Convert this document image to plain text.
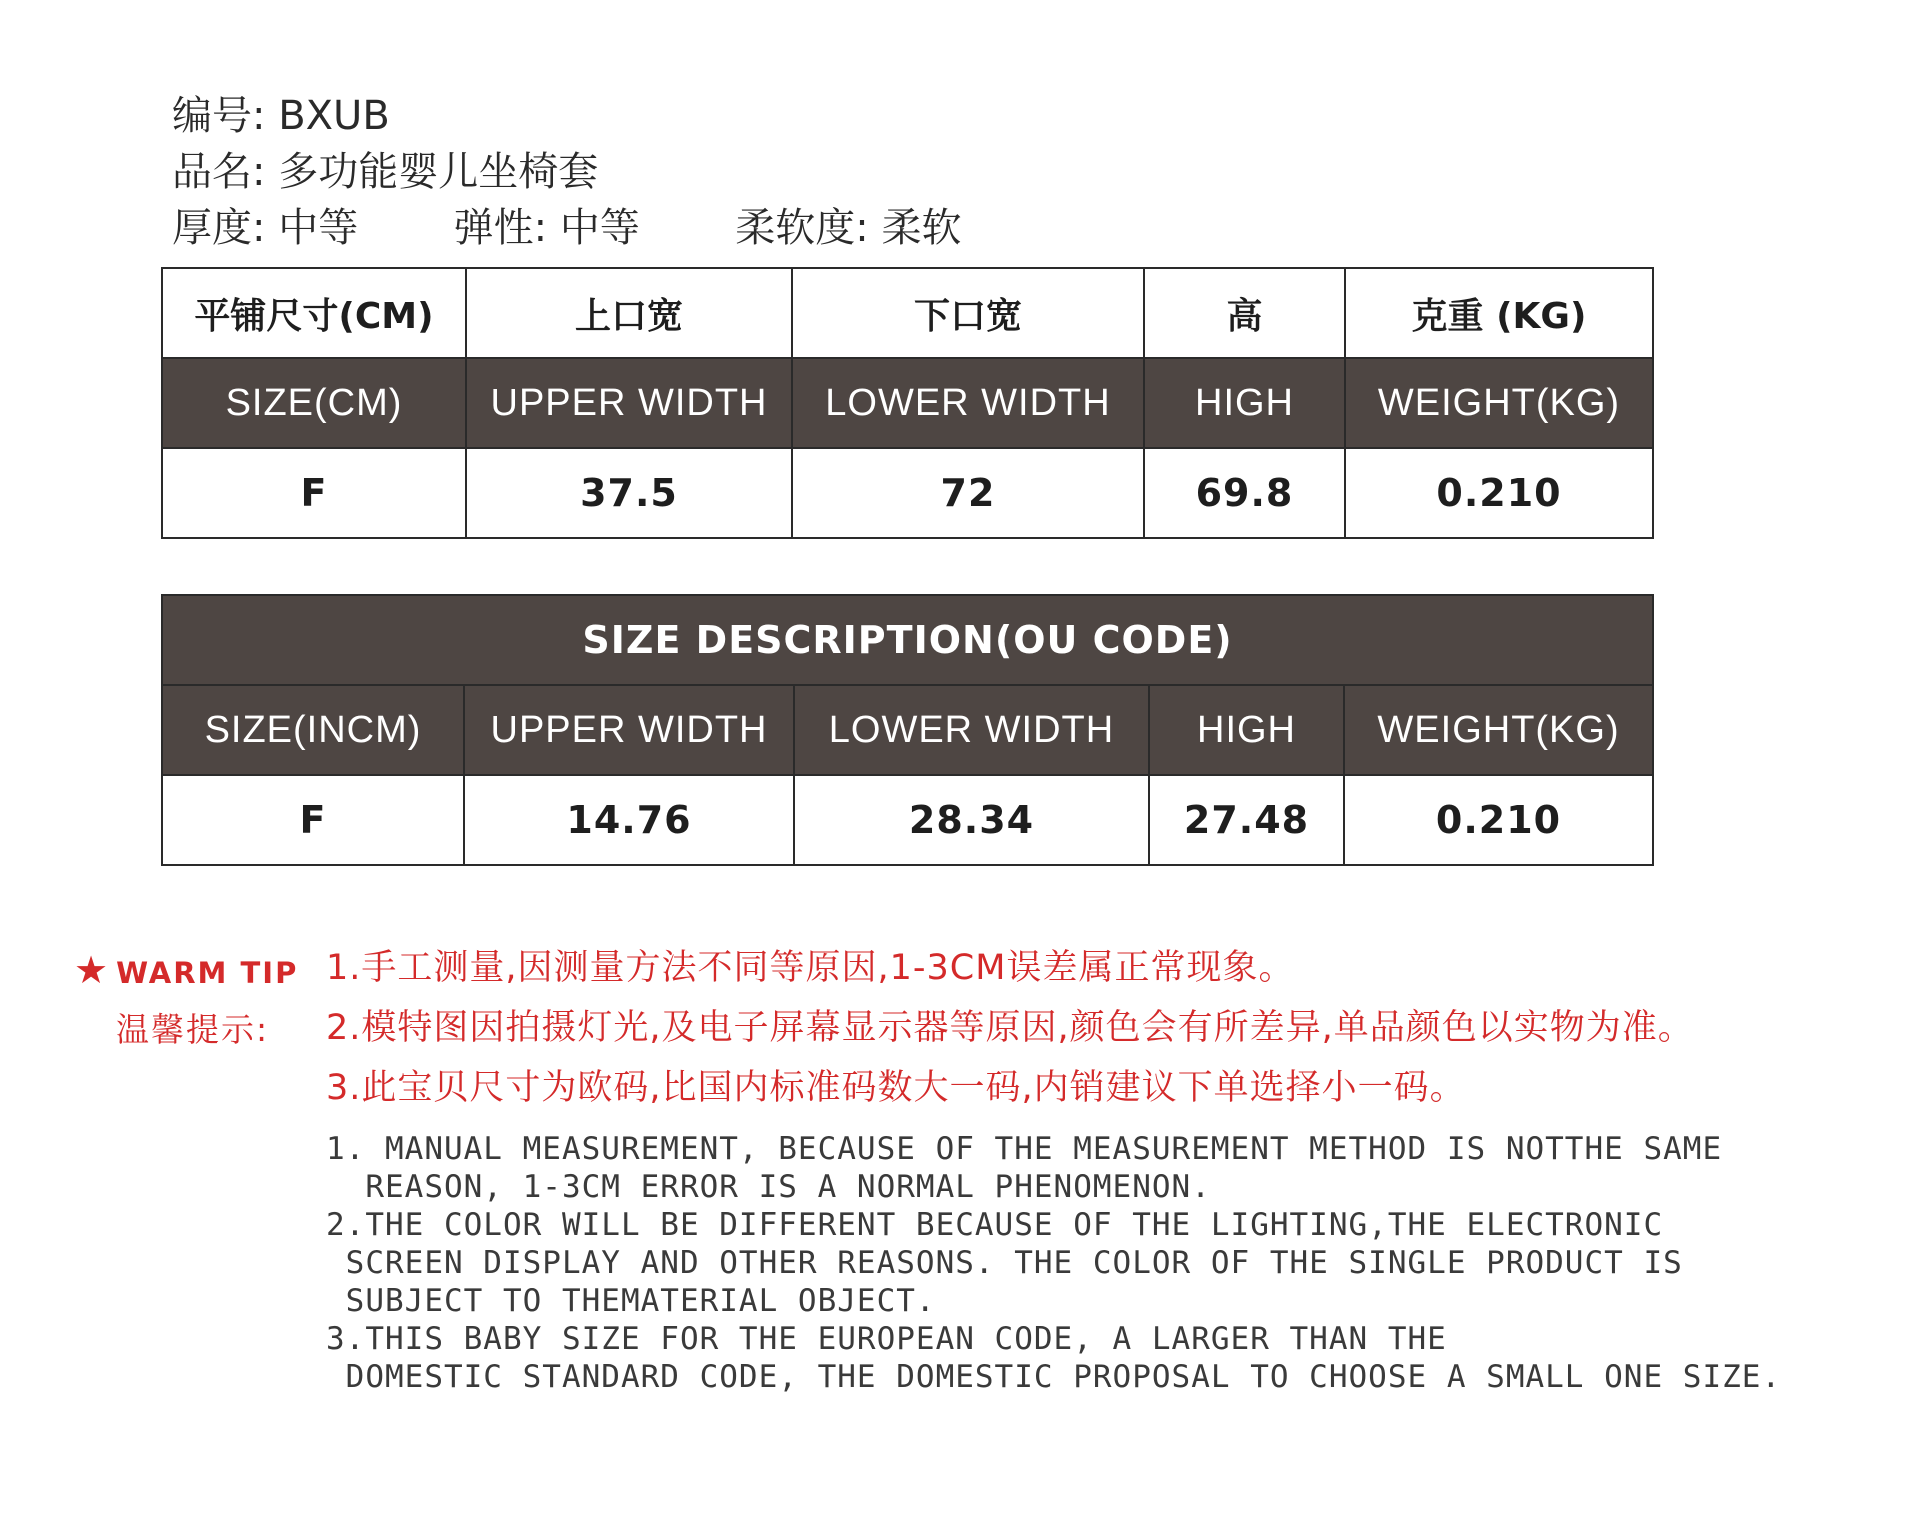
编号: BXUB
品名: 多功能婴儿坐椅套
厚度: 中等 弹性: 中等 柔软度: 柔软
平铺尺寸(CM)	上口宽	下口宽	高	克重 (KG)
SIZE(CM)	UPPER WIDTH	LOWER WIDTH	HIGH	WEIGHT(KG)
F	37.5	72	69.8	0.210
SIZE DESCRIPTION(OU CODE)				
SIZE(INCM)	UPPER WIDTH	LOWER WIDTH	HIGH	WEIGHT(KG)
F	14.76	28.34	27.48	0.210
★ WARM TIP
温馨提示:
1.手工测量,因测量方法不同等原因,1-3CM误差属正常现象。
2.模特图因拍摄灯光,及电子屏幕显示器等原因,颜色会有所差异,单品颜色以实物为准。
3.此宝贝尺寸为欧码,比国内标准码数大一码,内销建议下单选择小一码。
1. MANUAL MEASUREMENT, BECAUSE OF THE MEASUREMENT METHOD IS NOTTHE SAME
REASON, 1-3CM ERROR IS A NORMAL PHENOMENON.
2.THE COLOR WILL BE DIFFERENT BECAUSE OF THE LIGHTING,THE ELECTRONIC
SCREEN DISPLAY AND OTHER REASONS. THE COLOR OF THE SINGLE PRODUCT IS
SUBJECT TO THEMATERIAL OBJECT.
3.THIS BABY SIZE FOR THE EUROPEAN CODE, A LARGER THAN THE
DOMESTIC STANDARD CODE, THE DOMESTIC PROPOSAL TO CHOOSE A SMALL ONE SIZE.
